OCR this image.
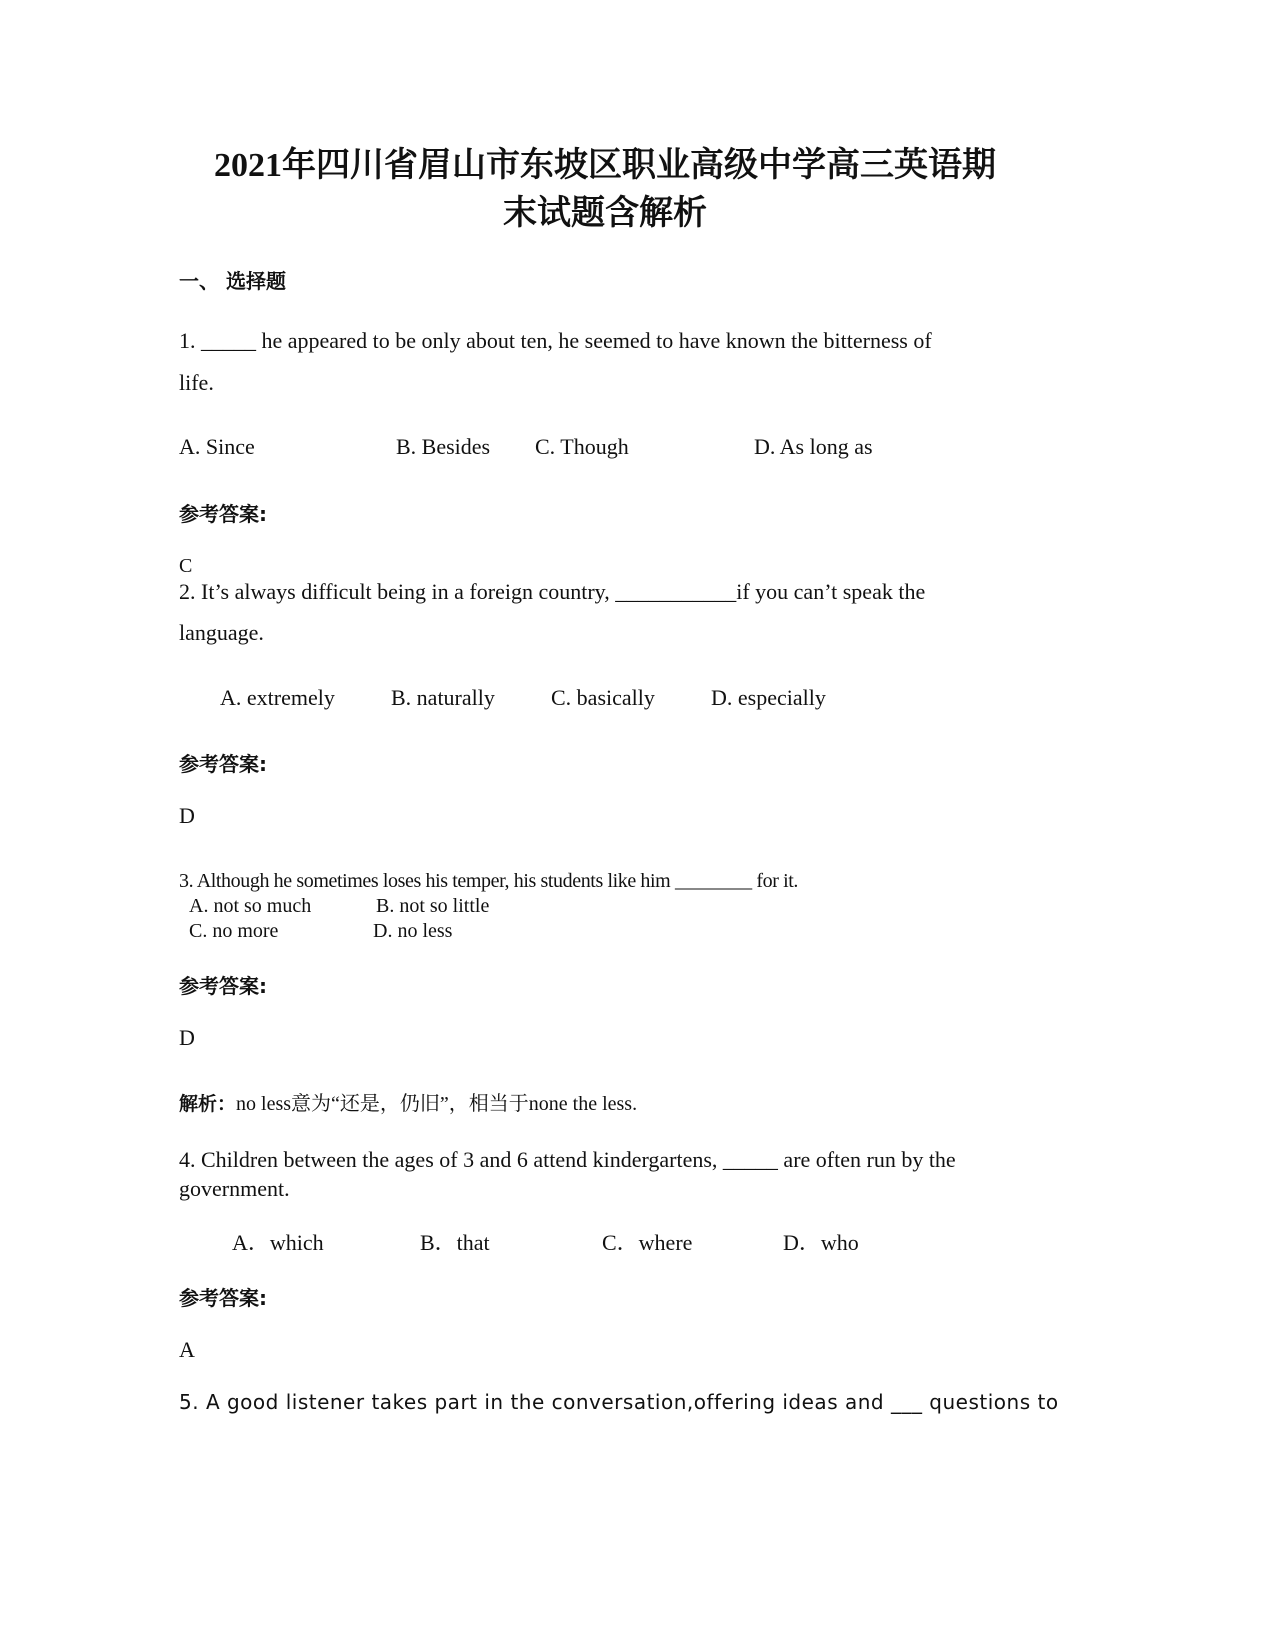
2021年四川省眉山市东坡区职业高级中学高三英语期
末试题含解析
一、 选择题
1. _____ he appeared to be only about ten, he seemed to have known the bitterness of
life.
A. Since	B. Besides C. Though	D. As long as
参考答案:
C
2. It’s always difficult being in a foreign country, ___________if you can’t speak the
language.
A. extremely	B. naturally	C. basically	D. especially
参考答案:
D
3. Although he sometimes loses his temper, his students like him ________ for it.
A. not so much	B. not so little
C. no more	D. no less
参考答案:
D
解析：no less意为“还是，仍旧”，相当于none the less.
4. Children between the ages of 3 and 6 attend kindergartens, _____ are often run by the
government.
A．which	B．that	C．where	D．who
参考答案:
A
5. A good listener takes part in the conversation,offering ideas and ___ questions to
